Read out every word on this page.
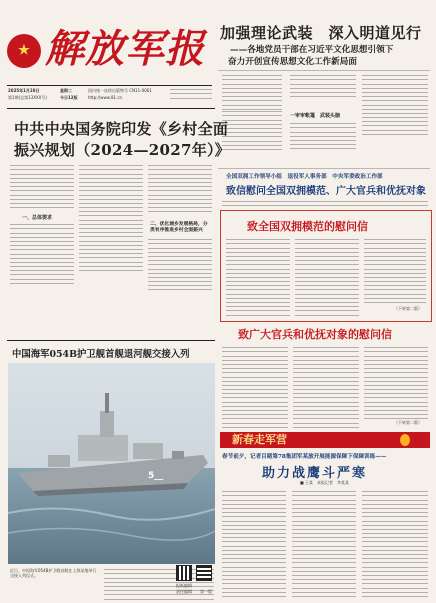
★ 解放军报
2025年1月28日	星期二	国内统一连续出版物号 CN11-0061
第1期(总第13XXX号)	今日12版	http://www.81.cn
加强理论武装　深入明道见行
——各地党员干部在习近平文化思想引领下
奋力开创宣传思想文化工作新局面
一审审帐篷　武装头脑
中共中央国务院印发《乡村全面
振兴规划（2024—2027年）》
一、总体要求
二、优化城乡发展格局，分类有序推进乡村全面振兴
全国双拥工作领导小组　退役军人事务部　中央军委政治工作部
致信慰问全国双拥模范、广大官兵和优抚对象
致全国双拥模范的慰问信
（下转第二版）
致广大官兵和优抚对象的慰问信
（下转第二版）
中国海军054B护卫舰首舰退河舰交接入列
5__
近日，中国海军054B护卫舰首舰在上海某地举行交接入列仪式。
新春走军营
春节前夕，记者目睹第78集团军某旅开展能源保障下保障训练——
助力战鹰斗严寒
■ 王某　本报记者　李某某
报纸编辑
责任编辑 第一版
